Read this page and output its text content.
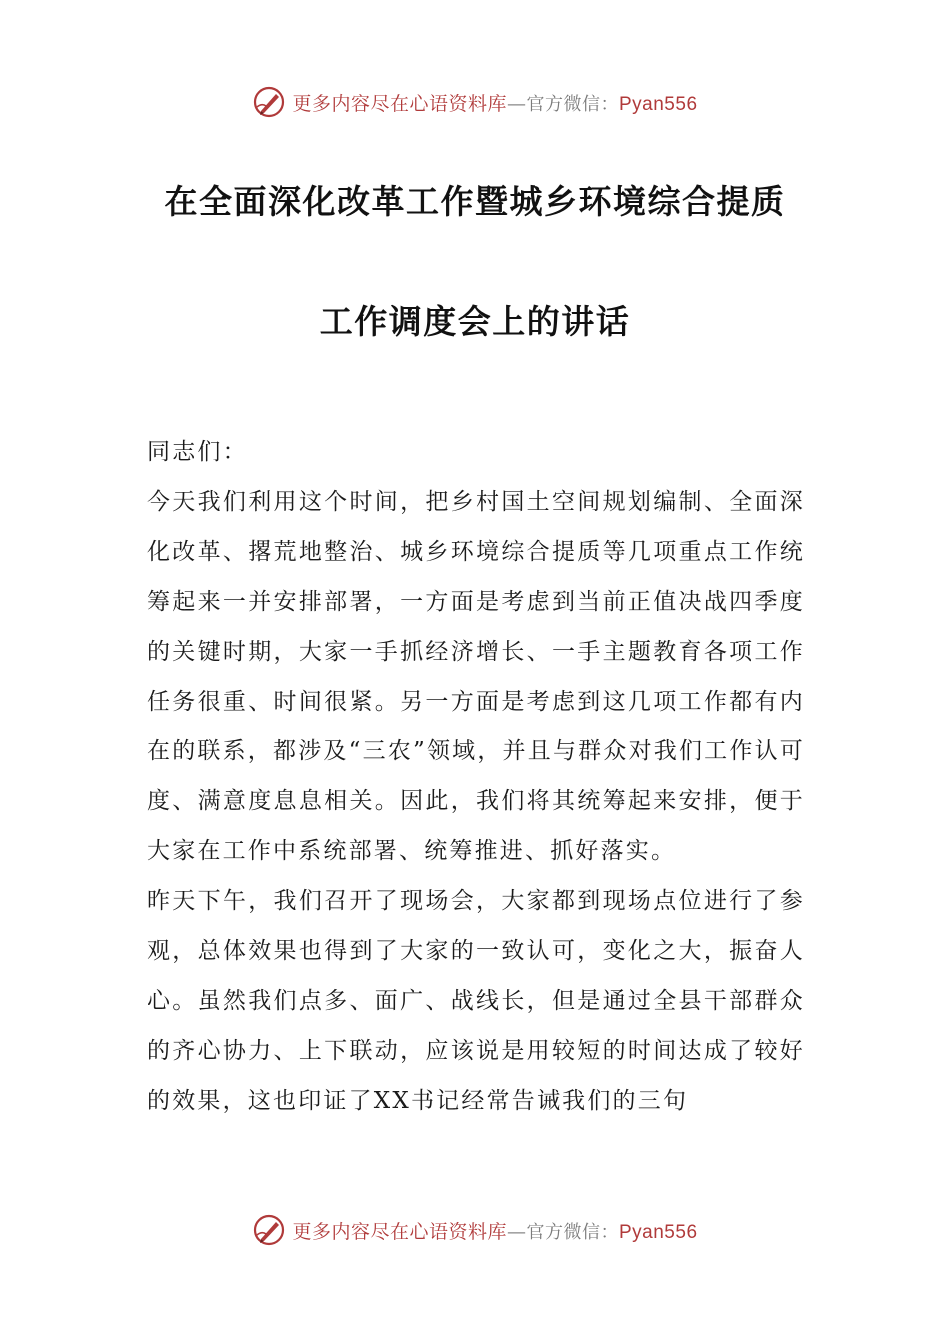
更多内容尽在心语资料库—官方微信：Pyan556
在全面深化改革工作暨城乡环境综合提质
工作调度会上的讲话

同志们：

今天我们利用这个时间，把乡村国土空间规划编制、全面深化改革、撂荒地整治、城乡环境综合提质等几项重点工作统筹起来一并安排部署，一方面是考虑到当前正值决战四季度的关键时期，大家一手抓经济增长、一手主题教育各项工作任务很重、时间很紧。另一方面是考虑到这几项工作都有内在的联系，都涉及“三农”领域，并且与群众对我们工作认可度、满意度息息相关。因此，我们将其统筹起来安排，便于大家在工作中系统部署、统筹推进、抓好落实。

昨天下午，我们召开了现场会，大家都到现场点位进行了参观，总体效果也得到了大家的一致认可，变化之大，振奋人心。虽然我们点多、面广、战线长，但是通过全县干部群众的齐心协力、上下联动，应该说是用较短的时间达成了较好的效果，这也印证了XX书记经常告诫我们的三句

更多内容尽在心语资料库—官方微信：Pyan556
